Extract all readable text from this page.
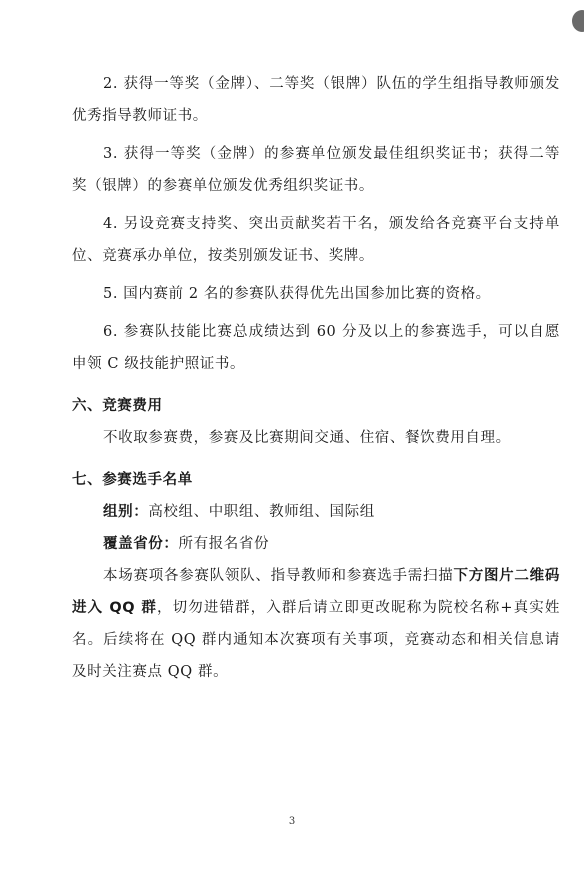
2. 获得一等奖（金牌）、二等奖（银牌）队伍的学生组指导教师颁发优秀指导教师证书。

3. 获得一等奖（金牌）的参赛单位颁发最佳组织奖证书；获得二等奖（银牌）的参赛单位颁发优秀组织奖证书。

4. 另设竞赛支持奖、突出贡献奖若干名，颁发给各竞赛平台支持单位、竞赛承办单位，按类别颁发证书、奖牌。

5. 国内赛前 2 名的参赛队获得优先出国参加比赛的资格。

6. 参赛队技能比赛总成绩达到 60 分及以上的参赛选手，可以自愿申领 C 级技能护照证书。

六、竞赛费用

不收取参赛费，参赛及比赛期间交通、住宿、餐饮费用自理。

七、参赛选手名单

组别：高校组、中职组、教师组、国际组

覆盖省份：所有报名省份

本场赛项各参赛队领队、指导教师和参赛选手需扫描下方图片二维码进入 QQ 群，切勿进错群，入群后请立即更改昵称为院校名称+真实姓名。后续将在 QQ 群内通知本次赛项有关事项，竞赛动态和相关信息请及时关注赛点 QQ 群。

3
